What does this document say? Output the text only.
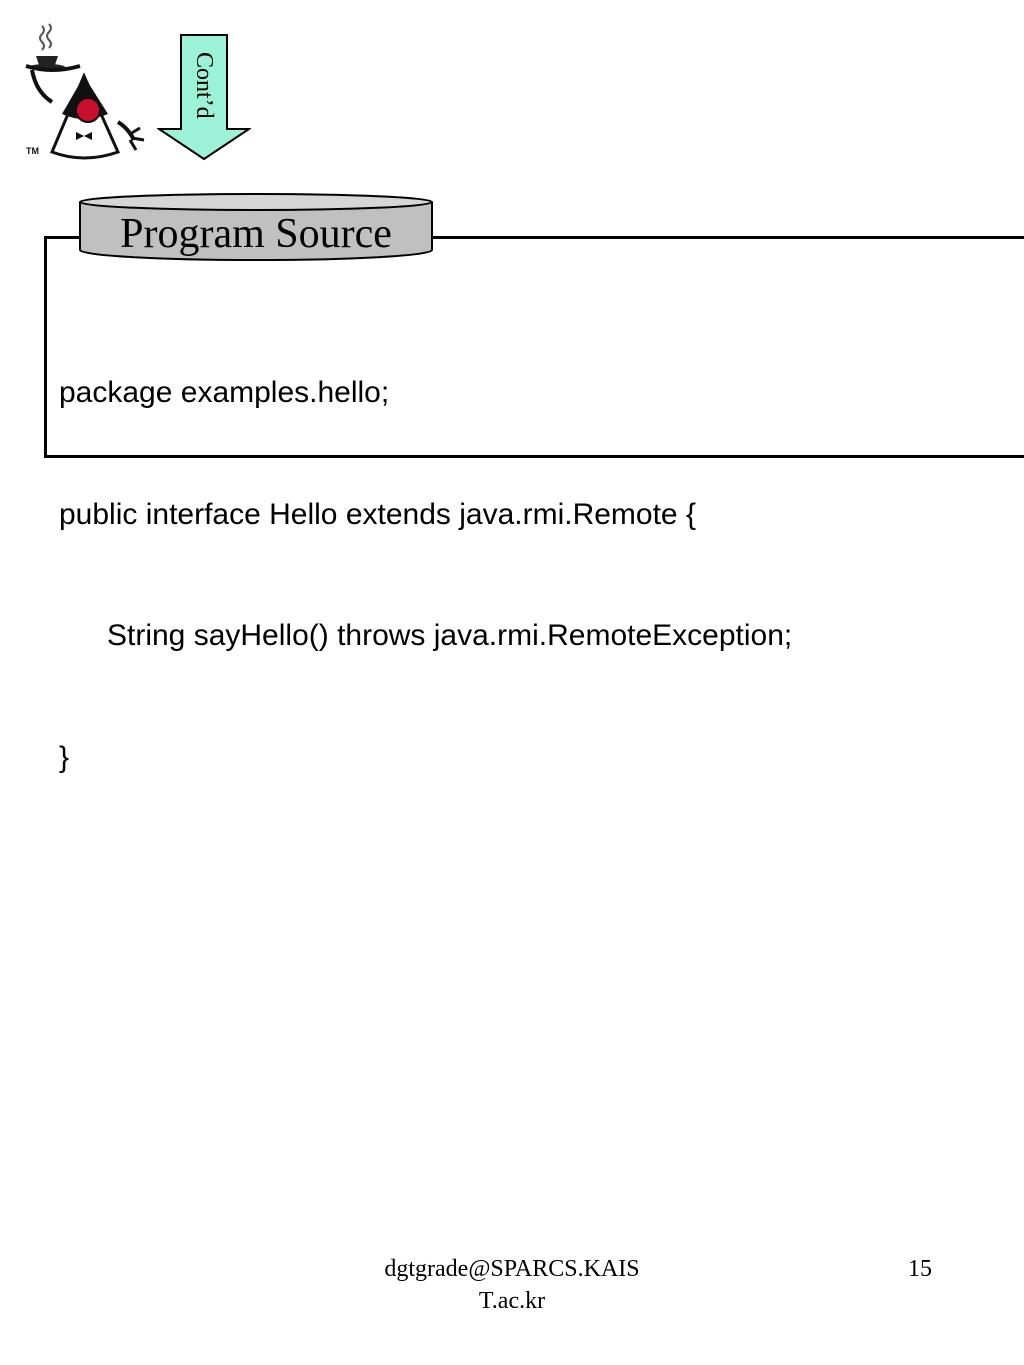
TM
Cont’d

package examples.hello;

public interface Hello extends java.rmi.Remote {

String sayHello() throws java.rmi.RemoteException;

}

Program Source
dgtgrade@SPARCS.KAIS
T.ac.kr
15
